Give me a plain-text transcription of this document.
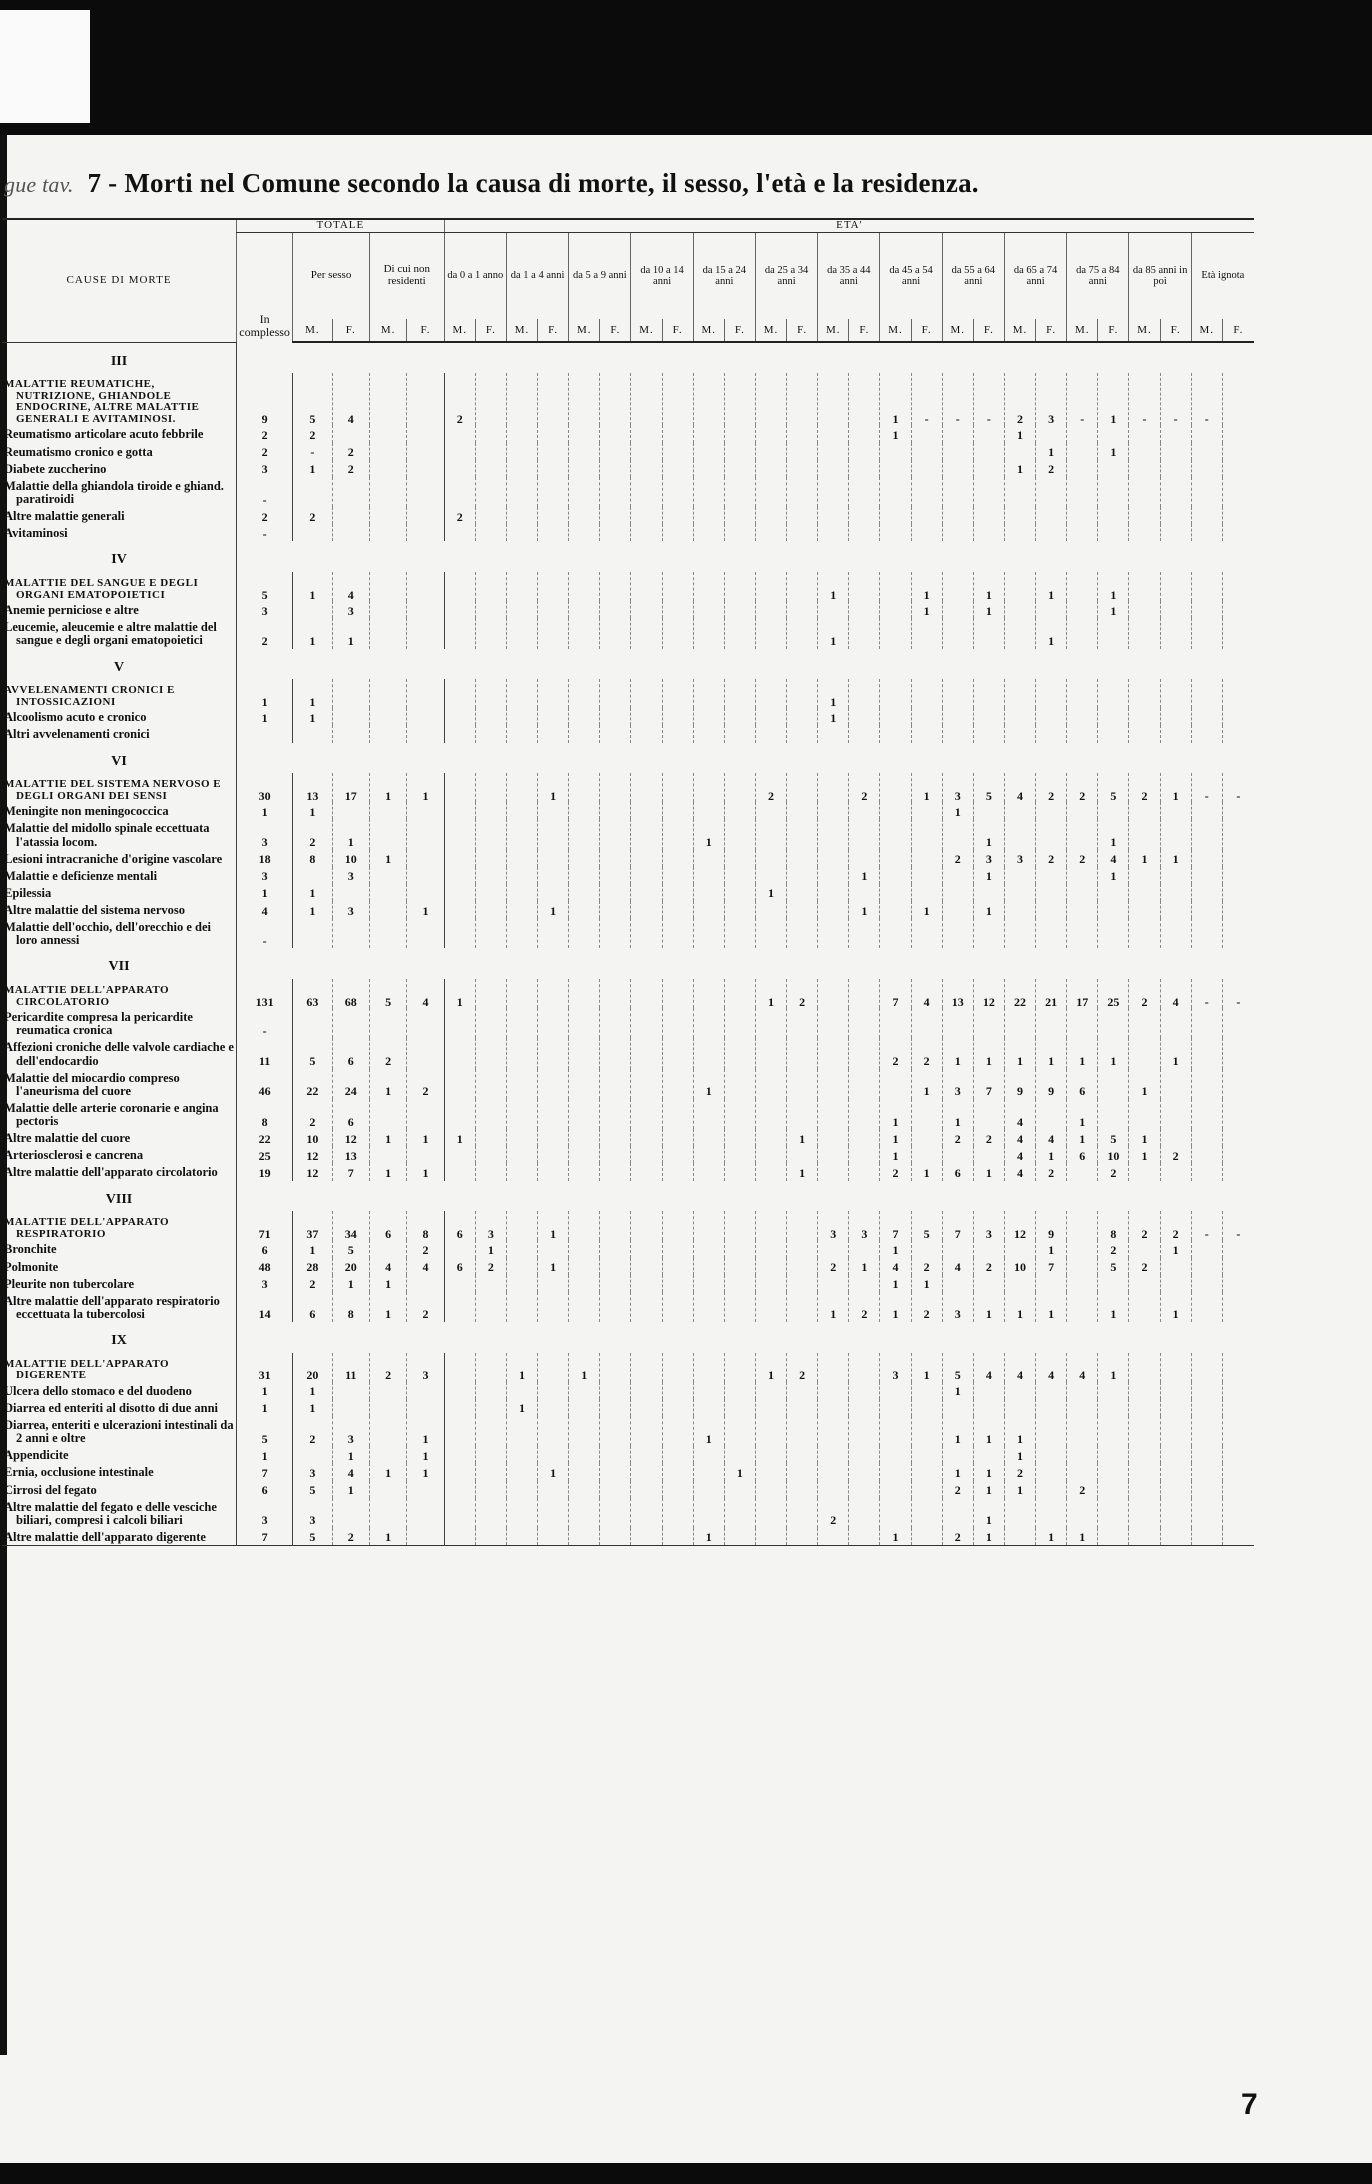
gue tav. 7 - Morti nel Comune secondo la causa di morte, il sesso, l'età e la residenza.
CAUSE DI MORTE	TOTALE					ETA'																									
	In complesso	Per sesso		Di cui non residenti		da 0 a 1 anno		da 1 a 4 anni		da 5 a 9 anni		da 10 a 14 anni		da 15 a 24 anni		da 25 a 34 anni		da 35 a 44 anni		da 45 a 54 anni		da 55 a 64 anni		da 65 a 74 anni		da 75 a 84 anni		da 85 anni in poi		Età ignota	
		M.	F.	M.	F.	M.	F.	M.	F.	M.	F.	M.	F.	M.	F.	M.	F.	M.	F.	M.	F.	M.	F.	M.	F.	M.	F.	M.	F.	M.	F.
III																															
MALATTIE REUMATICHE, NUTRIZIONE, GHIANDOLE ENDOCRINE, ALTRE MALATTIE GENERALI E AVITAMINOSI.	9	5	4			2														1	-	-	-	2	3	-	1	-	-	-	
Reumatismo articolare acuto febbrile	2	2																		1				1							
Reumatismo cronico e gotta	2	-	2																						1		1				
Diabete zuccherino	3	1	2																					1	2						
Malattie della ghiandola tiroide e ghiand. paratiroidi	-																														
Altre malattie generali	2	2				2																									
Avitaminosi	-																														
IV																															
MALATTIE DEL SANGUE E DEGLI ORGANI EMATOPOIETICI	5	1	4															1			1		1		1		1				
Anemie perniciose e altre	3		3																		1		1				1				
Leucemie, aleucemie e altre malattie del sangue e degli organi ematopoietici	2	1	1															1							1						
V																															
AVVELENAMENTI CRONICI E INTOSSICAZIONI	1	1																1													
Alcoolismo acuto e cronico	1	1																1													
Altri avvelenamenti cronici																															
VI																															
MALATTIE DEL SISTEMA NERVOSO E DEGLI ORGANI DEI SENSI	30	13	17	1	1				1							2			2		1	3	5	4	2	2	5	2	1	-	-
Meningite non meningococcica	1	1																				1									
Malattie del midollo spinale eccettuata l'atassia locom.	3	2	1											1									1				1				
Lesioni intracraniche d'origine vascolare	18	8	10	1																		2	3	3	2	2	4	1	1		
Malattie e deficienze mentali	3		3																1				1				1				
Epilessia	1	1														1															
Altre malattie del sistema nervoso	4	1	3		1				1										1		1		1								
Malattie dell'occhio, dell'orecchio e dei loro annessi	-																														
VII																															
MALATTIE DELL'APPARATO CIRCOLATORIO	131	63	68	5	4	1										1	2			7	4	13	12	22	21	17	25	2	4	-	-
Pericardite compresa la pericardite reumatica cronica	-																														
Affezioni croniche delle valvole cardiache e dell'endocardio	11	5	6	2																2	2	1	1	1	1	1	1		1		
Malattie del miocardio compreso l'aneurisma del cuore	46	22	24	1	2									1							1	3	7	9	9	6		1			
Malattie delle arterie coronarie e angina pectoris	8	2	6																	1		1		4		1					
Altre malattie del cuore	22	10	12	1	1	1											1			1		2	2	4	4	1	5	1			
Arteriosclerosi e cancrena	25	12	13																	1				4	1	6	10	1	2		
Altre malattie dell'apparato circolatorio	19	12	7	1	1												1			2	1	6	1	4	2		2				
VIII																															
MALATTIE DELL'APPARATO RESPIRATORIO	71	37	34	6	8	6	3		1									3	3	7	5	7	3	12	9		8	2	2	-	-
Bronchite	6	1	5		2		1													1					1		2		1		
Polmonite	48	28	20	4	4	6	2		1									2	1	4	2	4	2	10	7		5	2			
Pleurite non tubercolare	3	2	1	1																1	1										
Altre malattie dell'apparato respiratorio eccettuata la tubercolosi	14	6	8	1	2													1	2	1	2	3	1	1	1		1		1		
IX																															
MALATTIE DELL'APPARATO DIGERENTE	31	20	11	2	3			1		1						1	2			3	1	5	4	4	4	4	1				
Ulcera dello stomaco e del duodeno	1	1																				1									
Diarrea ed enteriti al disotto di due anni	1	1						1																							
Diarrea, enteriti e ulcerazioni intestinali da 2 anni e oltre	5	2	3		1									1								1	1	1							
Appendicite	1		1		1																			1							
Ernia, occlusione intestinale	7	3	4	1	1				1						1							1	1	2							
Cirrosi del fegato	6	5	1																			2	1	1		2					
Altre malattie del fegato e delle vesciche biliari, compresi i calcoli biliari	3	3																2					1								
Altre malattie dell'apparato digerente	7	5	2	1										1						1		2	1		1	1					
7
